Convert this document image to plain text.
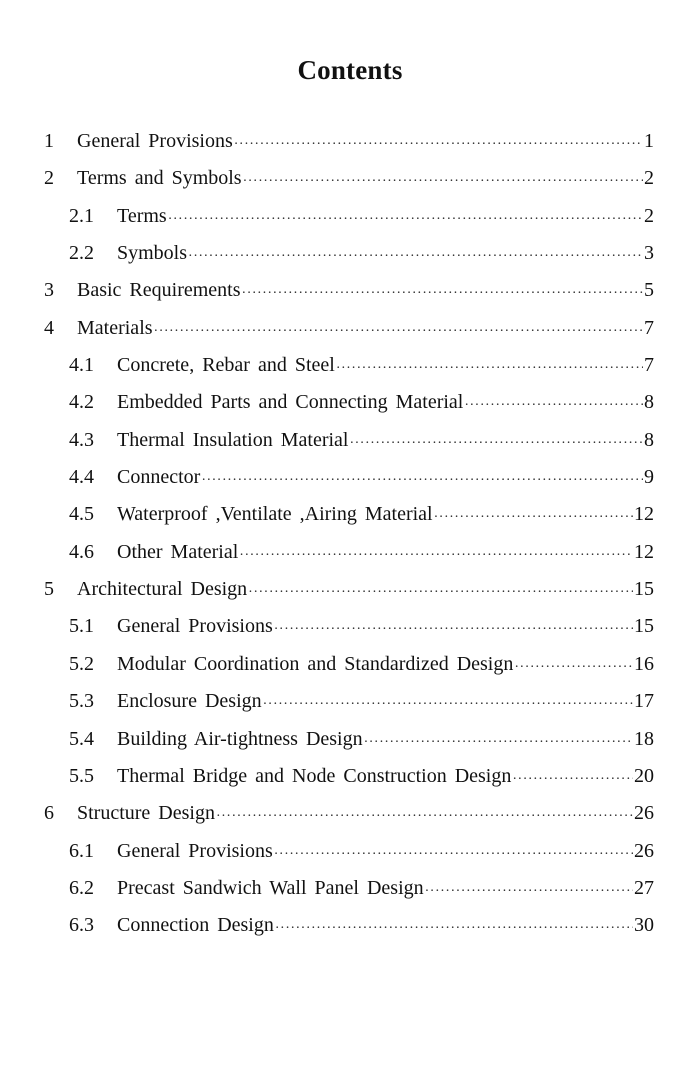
Contents
1 General Provisions ·····	1
2 Terms and Symbols ·····	2
2.1 Terms ·····	2
2.2 Symbols ·····	3
3 Basic Requirements ·····	5
4 Materials ·····	7
4.1 Concrete, Rebar and Steel ·····	7
4.2 Embedded Parts and Connecting Material ·····	8
4.3 Thermal Insulation Material ·····	8
4.4 Connector ·····	9
4.5 Waterproof ,Ventilate ,Airing Material ·····	12
4.6 Other Material ·····	12
5 Architectural Design ·····	15
5.1 General Provisions ·····	15
5.2 Modular Coordination and Standardized Design ·····	16
5.3 Enclosure Design ·····	17
5.4 Building Air-tightness Design ·····	18
5.5 Thermal Bridge and Node Construction Design ·····	20
6 Structure Design ·····	26
6.1 General Provisions ·····	26
6.2 Precast Sandwich Wall Panel Design ·····	27
6.3 Connection Design ·····	30
